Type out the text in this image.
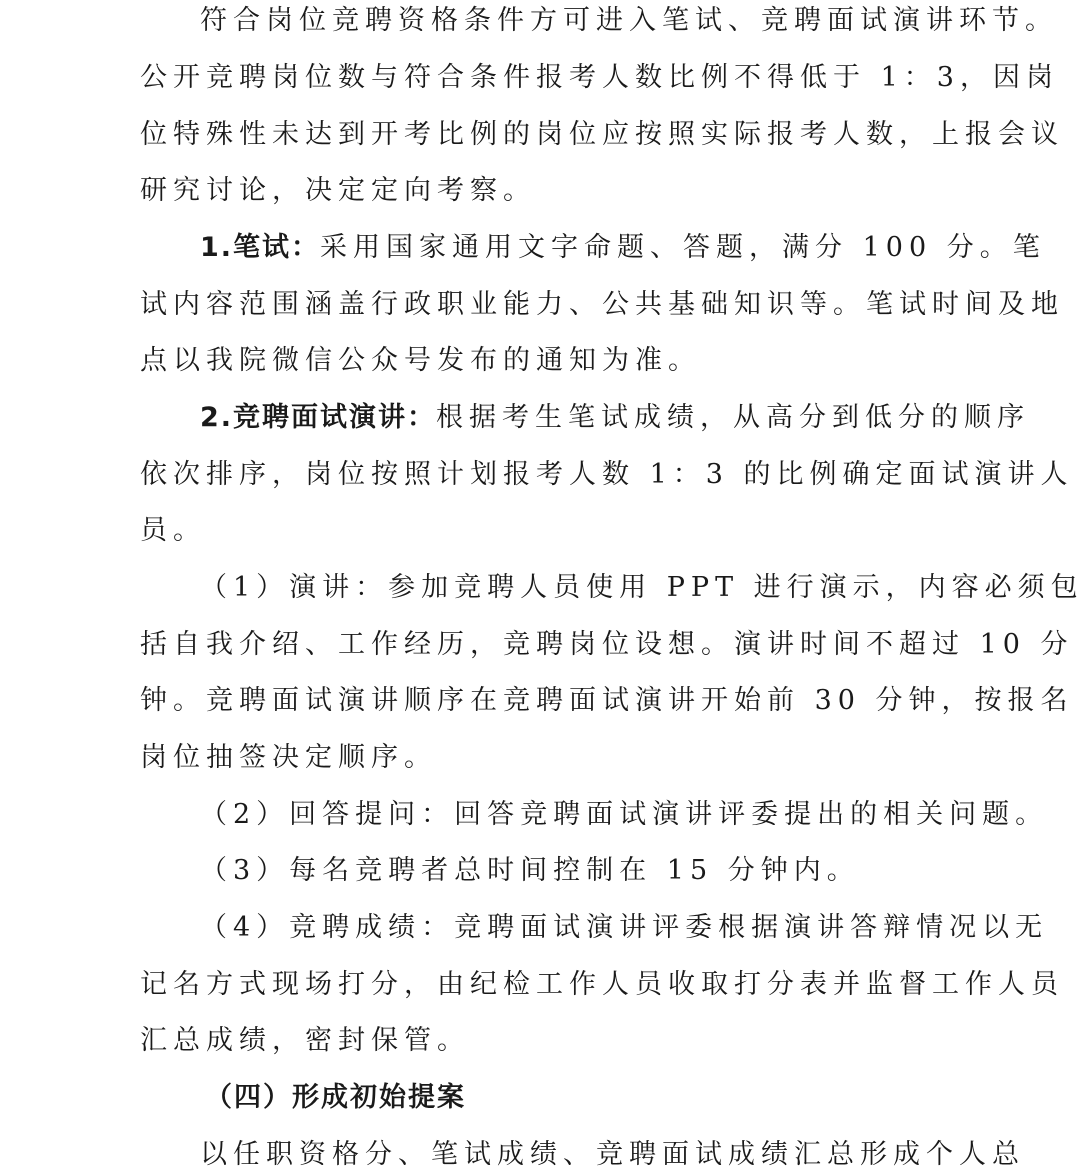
符合岗位竞聘资格条件方可进入笔试、竞聘面试演讲环节。
公开竞聘岗位数与符合条件报考人数比例不得低于 1：3，因岗
位特殊性未达到开考比例的岗位应按照实际报考人数，上报会议
研究讨论，决定定向考察。
1.笔试：采用国家通用文字命题、答题，满分 100 分。笔
试内容范围涵盖行政职业能力、公共基础知识等。笔试时间及地
点以我院微信公众号发布的通知为准。
2.竞聘面试演讲：根据考生笔试成绩，从高分到低分的顺序
依次排序，岗位按照计划报考人数 1：3 的比例确定面试演讲人
员。
（1）演讲：参加竞聘人员使用 PPT 进行演示，内容必须包
括自我介绍、工作经历，竞聘岗位设想。演讲时间不超过 10 分
钟。竞聘面试演讲顺序在竞聘面试演讲开始前 30 分钟，按报名
岗位抽签决定顺序。
（2）回答提问：回答竞聘面试演讲评委提出的相关问题。
（3）每名竞聘者总时间控制在 15 分钟内。
（4）竞聘成绩：竞聘面试演讲评委根据演讲答辩情况以无
记名方式现场打分，由纪检工作人员收取打分表并监督工作人员
汇总成绩，密封保管。
（四）形成初始提案
以任职资格分、笔试成绩、竞聘面试成绩汇总形成个人总
